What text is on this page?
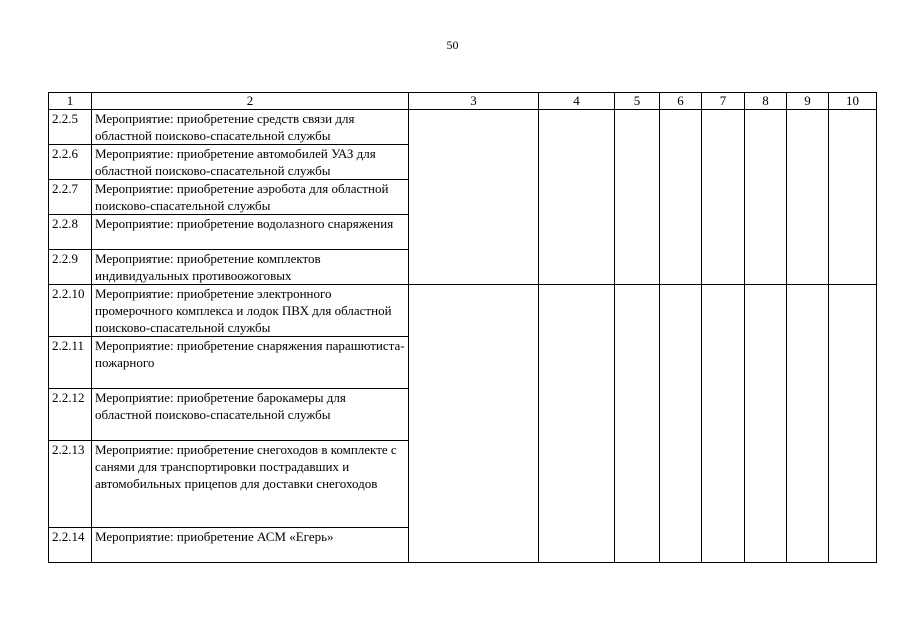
50
1	2	3	4	5	6	7	8	9	10
2.2.5	Мероприятие: приобретение средств связи для областной поисково-спасательной службы								
2.2.6	Мероприятие: приобретение автомобилей УАЗ для областной поисково-спасательной службы								
2.2.7	Мероприятие: приобретение аэробота для областной поисково-спасательной службы								
2.2.8	Мероприятие: приобретение водолазного снаряжения								
2.2.9	Мероприятие: приобретение комплектов индивидуальных противоожоговых								
2.2.10	Мероприятие: приобретение электронного промерочного комплекса и лодок ПВХ для областной поисково-спасательной службы								
2.2.11	Мероприятие: приобретение снаряжения парашютиста-пожарного								
2.2.12	Мероприятие: приобретение барокамеры для областной поисково-спасательной службы								
2.2.13	Мероприятие: приобретение снегоходов в комплекте с санями для транспортировки пострадавших и автомобильных прицепов для доставки снегоходов								
2.2.14	Мероприятие: приобретение АСМ «Егерь»								
